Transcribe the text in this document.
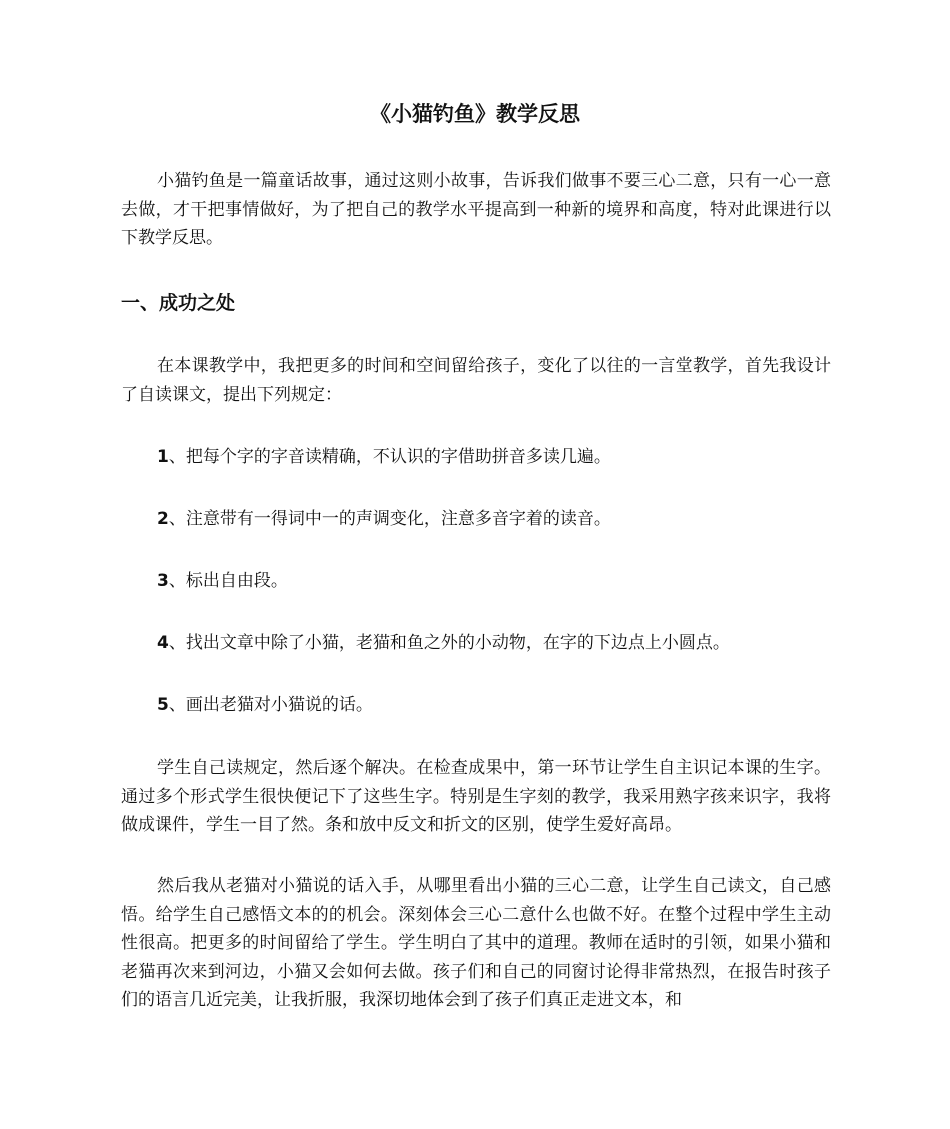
《小猫钓鱼》教学反思

小猫钓鱼是一篇童话故事，通过这则小故事，告诉我们做事不要三心二意，只有一心一意去做，才干把事情做好，为了把自己的教学水平提高到一种新的境界和高度，特对此课进行以下教学反思。

一、成功之处

在本课教学中，我把更多的时间和空间留给孩子，变化了以往的一言堂教学，首先我设计了自读课文，提出下列规定：

1、把每个字的字音读精确，不认识的字借助拼音多读几遍。

2、注意带有一得词中一的声调变化，注意多音字着的读音。

3、标出自由段。

4、找出文章中除了小猫，老猫和鱼之外的小动物，在字的下边点上小圆点。

5、画出老猫对小猫说的话。

学生自己读规定，然后逐个解决。在检查成果中，第一环节让学生自主识记本课的生字。通过多个形式学生很快便记下了这些生字。特别是生字刻的教学，我采用熟字孩来识字，我将做成课件，学生一目了然。条和放中反文和折文的区别，使学生爱好高昂。

然后我从老猫对小猫说的话入手，从哪里看出小猫的三心二意，让学生自己读文，自己感悟。给学生自己感悟文本的的机会。深刻体会三心二意什么也做不好。在整个过程中学生主动性很高。把更多的时间留给了学生。学生明白了其中的道理。教师在适时的引领，如果小猫和老猫再次来到河边，小猫又会如何去做。孩子们和自己的同窗讨论得非常热烈，在报告时孩子们的语言几近完美，让我折服，我深切地体会到了孩子们真正走进文本，和
